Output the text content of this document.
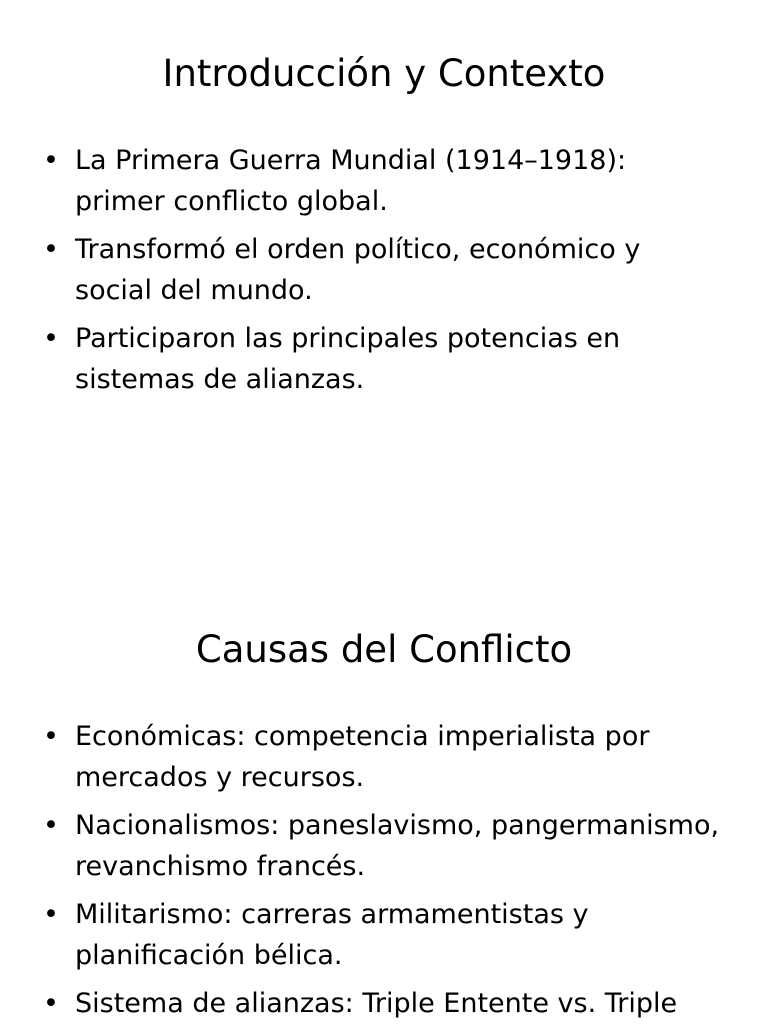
Introducción y Contexto
• La Primera Guerra Mundial (1914–1918): primer conflicto global.
• Transformó el orden político, económico y social del mundo.
• Participaron las principales potencias en sistemas de alianzas.
Causas del Conflicto
• Económicas: competencia imperialista por mercados y recursos.
• Nacionalismos: paneslavismo, pangermanismo, revanchismo francés.
• Militarismo: carreras armamentistas y planificación bélica.
• Sistema de alianzas: Triple Entente vs. Triple
